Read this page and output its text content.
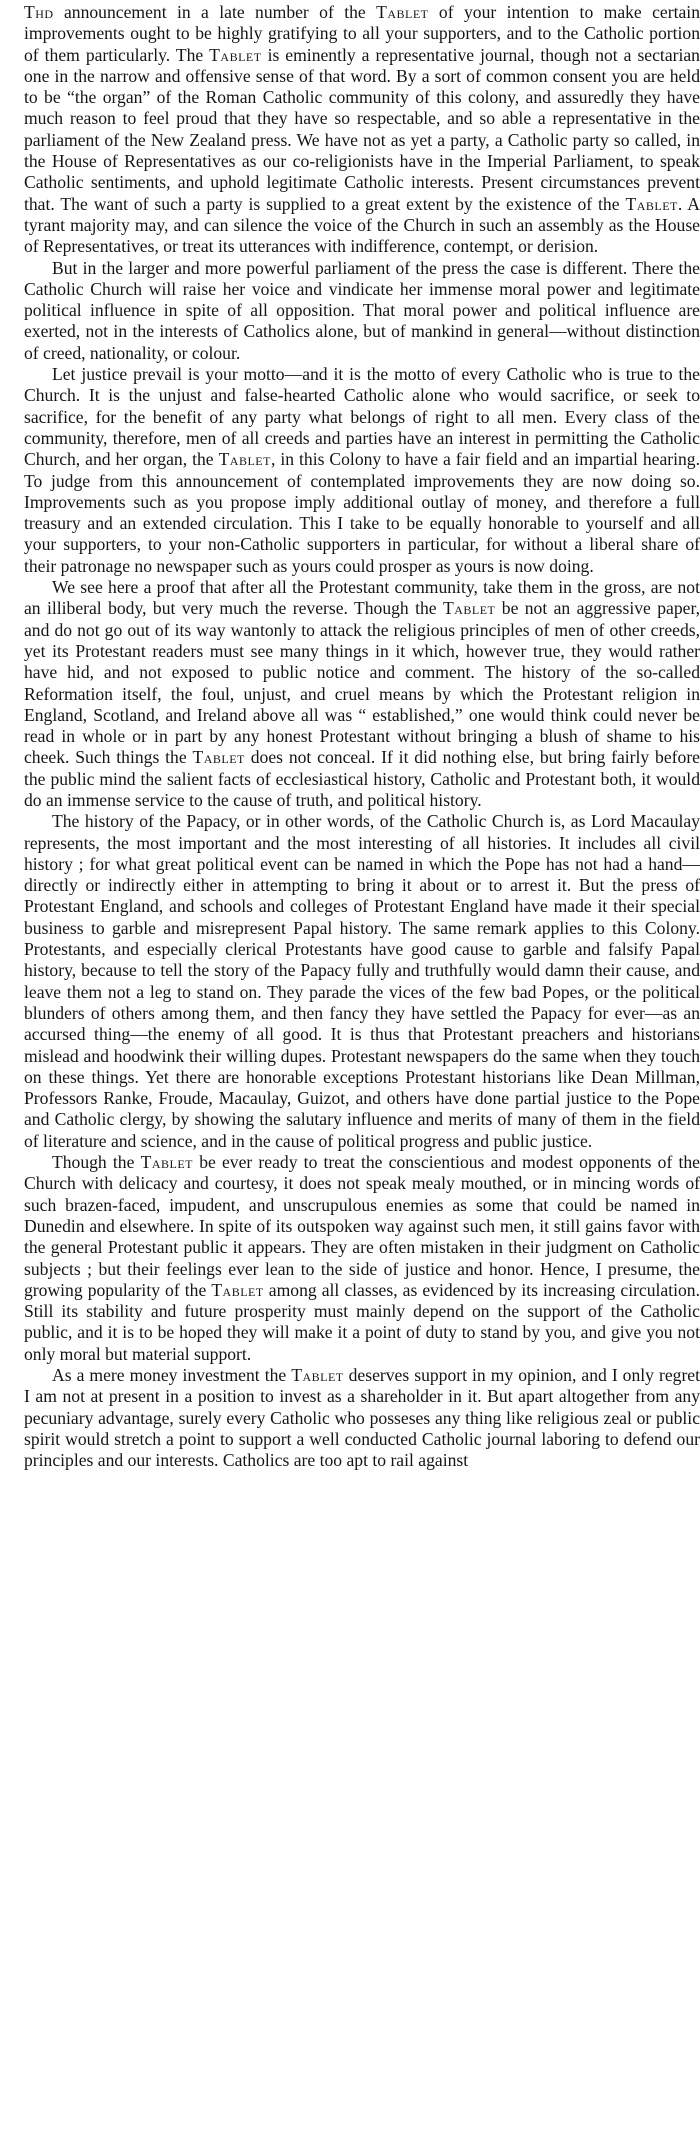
Thd announcement in a late number of the Tablet of your intention to make certain improvements ought to be highly gratifying to all your supporters, and to the Catholic portion of them particularly. The Tablet is eminently a representative journal, though not a sectarian one in the narrow and offensive sense of that word. By a sort of common consent you are held to be “the organ” of the Roman Catholic community of this colony, and assuredly they have much reason to feel proud that they have so respectable, and so able a representative in the parliament of the New Zealand press. We have not as yet a party, a Catholic party so called, in the House of Representatives as our co-religionists have in the Imperial Parliament, to speak Catholic sentiments, and uphold legitimate Catholic interests. Present circumstances prevent that. The want of such a party is supplied to a great extent by the existence of the Tablet. A tyrant majority may, and can silence the voice of the Church in such an assembly as the House of Representatives, or treat its utterances with indifference, contempt, or derision.

But in the larger and more powerful parliament of the press the case is different. There the Catholic Church will raise her voice and vindicate her immense moral power and legitimate political influence in spite of all opposition. That moral power and political influence are exerted, not in the interests of Catholics alone, but of mankind in general—without distinction of creed, nationality, or colour.

Let justice prevail is your motto—and it is the motto of every Catholic who is true to the Church. It is the unjust and false-hearted Catholic alone who would sacrifice, or seek to sacrifice, for the benefit of any party what belongs of right to all men. Every class of the community, therefore, men of all creeds and parties have an interest in permitting the Catholic Church, and her organ, the Tablet, in this Colony to have a fair field and an impartial hearing. To judge from this announcement of contemplated improvements they are now doing so. Improvements such as you propose imply additional outlay of money, and therefore a full treasury and an extended circulation. This I take to be equally honorable to yourself and all your supporters, to your non-Catholic supporters in particular, for without a liberal share of their patronage no newspaper such as yours could prosper as yours is now doing.

We see here a proof that after all the Protestant community, take them in the gross, are not an illiberal body, but very much the reverse. Though the Tablet be not an aggressive paper, and do not go out of its way wantonly to attack the religious principles of men of other creeds, yet its Protestant readers must see many things in it which, however true, they would rather have hid, and not exposed to public notice and comment. The history of the so-called Reformation itself, the foul, unjust, and cruel means by which the Protestant religion in England, Scotland, and Ireland above all was “ established,” one would think could never be read in whole or in part by any honest Protestant without bringing a blush of shame to his cheek. Such things the Tablet does not conceal. If it did nothing else, but bring fairly before the public mind the salient facts of ecclesiastical history, Catholic and Protestant both, it would do an immense service to the cause of truth, and political history.

The history of the Papacy, or in other words, of the Catholic Church is, as Lord Macaulay represents, the most important and the most interesting of all histories. It includes all civil history ; for what great political event can be named in which the Pope has not had a hand—directly or indirectly either in attempting to bring it about or to arrest it. But the press of Protestant England, and schools and colleges of Protestant England have made it their special business to garble and misrepresent Papal history. The same remark applies to this Colony. Protestants, and especially clerical Protestants have good cause to garble and falsify Papal history, because to tell the story of the Papacy fully and truthfully would damn their cause, and leave them not a leg to stand on. They parade the vices of the few bad Popes, or the political blunders of others among them, and then fancy they have settled the Papacy for ever—as an accursed thing—the enemy of all good. It is thus that Protestant preachers and historians mislead and hoodwink their willing dupes. Protestant newspapers do the same when they touch on these things. Yet there are honorable exceptions Protestant historians like Dean Millman, Professors Ranke, Froude, Macaulay, Guizot, and others have done partial justice to the Pope and Catholic clergy, by showing the salutary influence and merits of many of them in the field of literature and science, and in the cause of political progress and public justice.

Though the Tablet be ever ready to treat the conscientious and modest opponents of the Church with delicacy and courtesy, it does not speak mealy mouthed, or in mincing words of such brazen-faced, impudent, and unscrupulous enemies as some that could be named in Dunedin and elsewhere. In spite of its outspoken way against such men, it still gains favor with the general Protestant public it appears. They are often mistaken in their judgment on Catholic subjects ; but their feelings ever lean to the side of justice and honor. Hence, I presume, the growing popularity of the Tablet among all classes, as evidenced by its increasing circulation. Still its stability and future prosperity must mainly depend on the support of the Catholic public, and it is to be hoped they will make it a point of duty to stand by you, and give you not only moral but material support.

As a mere money investment the Tablet deserves support in my opinion, and I only regret I am not at present in a position to invest as a shareholder in it. But apart altogether from any pecuniary advantage, surely every Catholic who posseses any thing like religious zeal or public spirit would stretch a point to support a well conducted Catholic journal laboring to defend our principles and our interests. Catholics are too apt to rail against
